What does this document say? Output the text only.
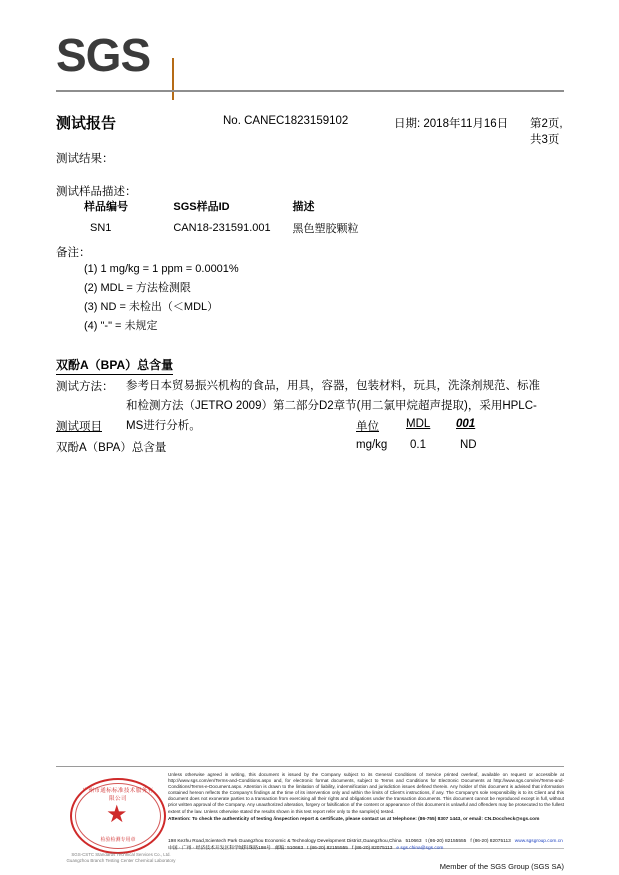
SGS
测试报告	No. CANEC1823159102	日期: 2018年11月16日 第2页,共3页
测试结果：
测试样品描述：
样品编号	SGS样品ID	描述
SN1	CAN18-231591.001	黑色塑胶颗粒
备注：
(1) 1 mg/kg = 1 ppm = 0.0001%
(2) MDL = 方法检测限
(3) ND = 未检出（＜MDL）
(4) "-" = 未规定
双酚A（BPA）总含量
测试方法： 参考日本贸易振兴机构的食品，用具，容器，包装材料，玩具，洗涤剂规范、标准和检测方法（JETRO 2009）第二部分D2章节(用二氯甲烷超声提取)，采用HPLC-MS进行分析。
测试项目	单位 MDL 001
双酚A（BPA）总含量	mg/kg 0.1	ND
广州市通标标准技术服务有限公司
★
检验检测专用章
SGS-CSTC Standards Technical Services Co., Ltd.
Guangzhou Branch Testing Center Chemical Laboratory
Unless otherwise agreed in writing, this document is issued by the Company subject to its General Conditions of Service printed overleaf, available on request or accessible at http://www.sgs.com/en/Terms-and-Conditions.aspx and, for electronic format documents, subject to Terms and Conditions for Electronic Documents at http://www.sgs.com/en/Terms-and-Conditions/Terms-e-Document.aspx. Attention is drawn to the limitation of liability, indemnification and jurisdiction issues defined therein. Any holder of this document is advised that information contained hereon reflects the Company's findings at the time of its intervention only and within the limits of Client's instructions, if any. The Company's sole responsibility is to its Client and this document does not exonerate parties to a transaction from exercising all their rights and obligations under the transaction documents. This document cannot be reproduced except in full, without prior written approval of the Company. Any unauthorized alteration, forgery or falsification of the content or appearance of this document is unlawful and offenders may be prosecuted to the fullest extent of the law. Unless otherwise stated the results shown in this test report refer only to the sample(s) tested.
Attention: To check the authenticity of testing /inspection report & certificate, please contact us at telephone: (86-755) 8307 1443, or email: CN.Doccheck@sgs.com
198 Kezhu Road,Scientech Park Guangzhou Economic & Technology Development District,Guangzhou,China 510663 t (86-20) 82155555 f (86-20) 82075113 www.sgsgroup.com.cn
中国 · 广州 · 经济技术开发区科学城科珠路198号 邮编: 510663 t (86-20) 82155555 f (86-20) 82075113 e sgs.china@sgs.com
Member of the SGS Group (SGS SA)
